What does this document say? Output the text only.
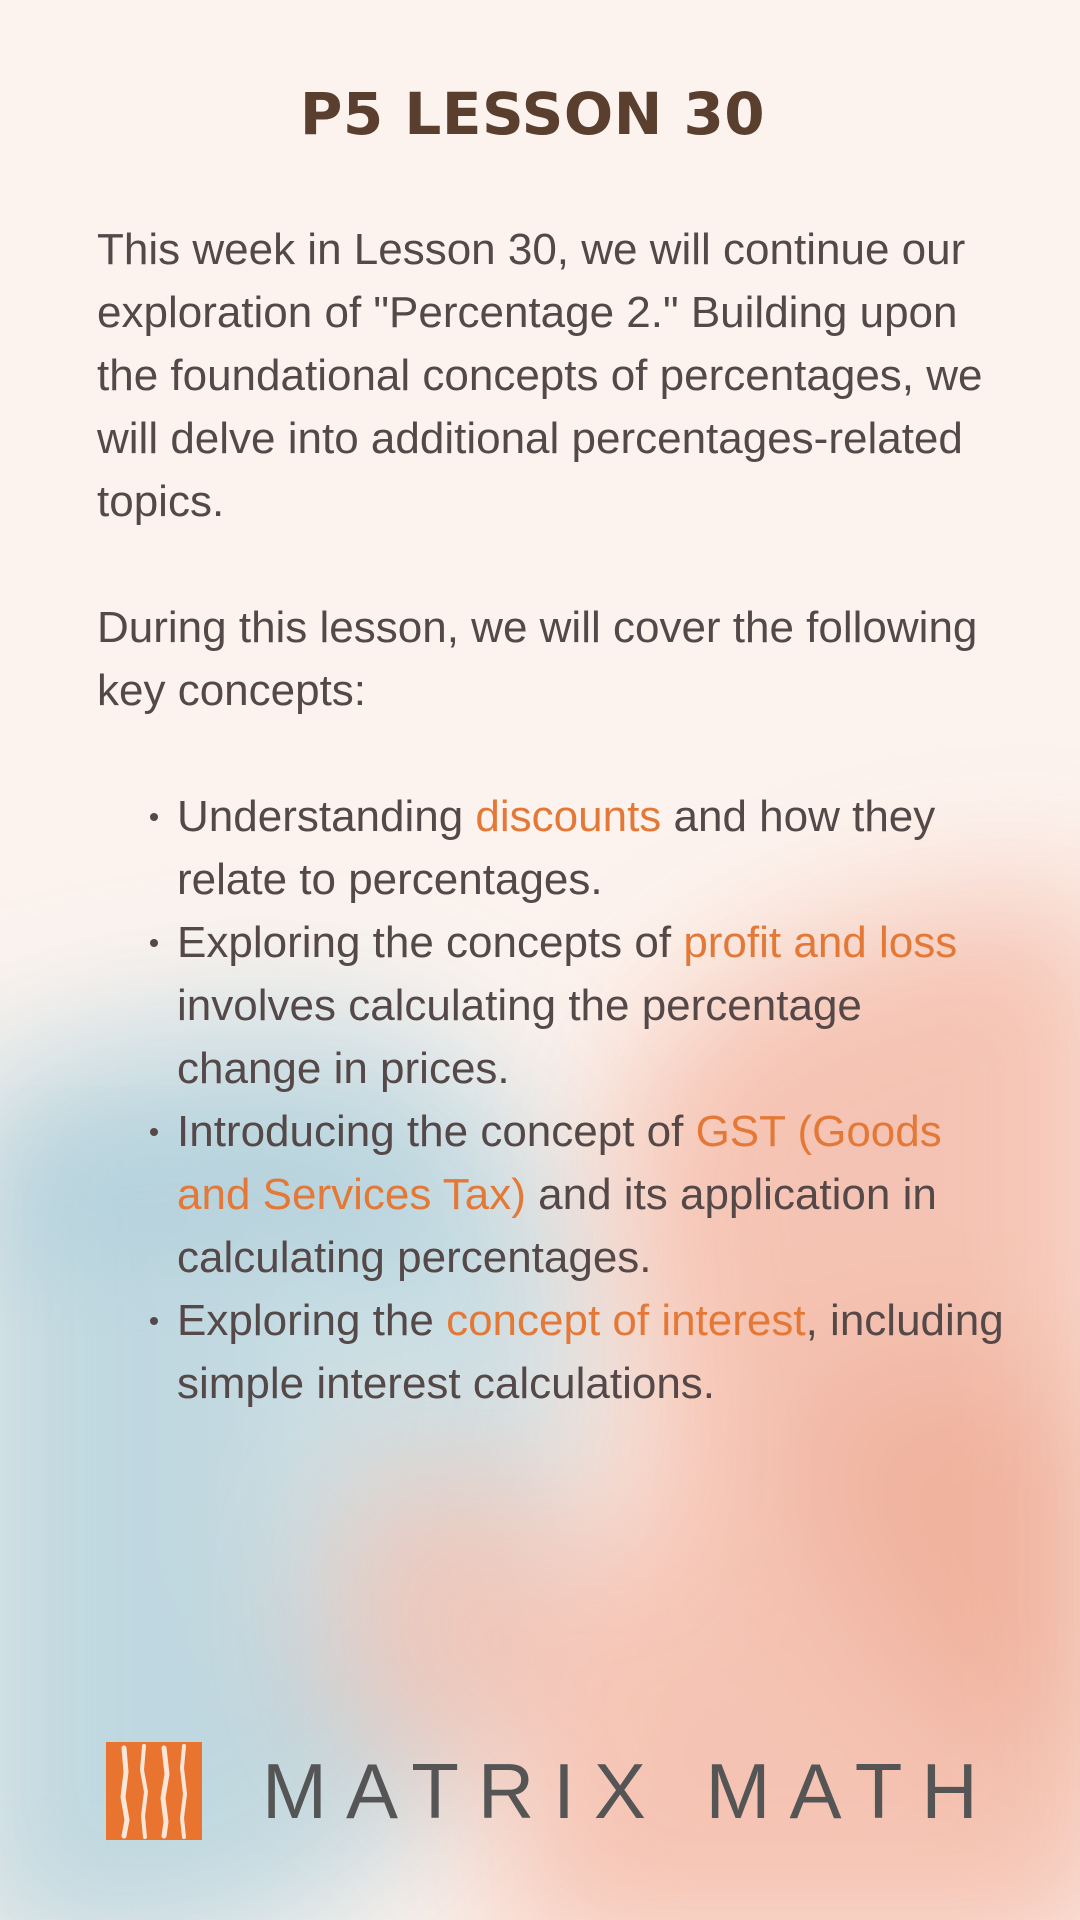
P5 LESSON 30

This week in Lesson 30, we will continue our exploration of "Percentage 2." Building upon the foundational concepts of percentages, we will delve into additional percentages-related topics.

During this lesson, we will cover the following key concepts:

Understanding discounts and how they relate to percentages.
Exploring the concepts of profit and loss involves calculating the percentage change in prices.
Introducing the concept of GST (Goods and Services Tax) and its application in calculating percentages.
Exploring the concept of interest, including simple interest calculations.
MATRIX MATH
